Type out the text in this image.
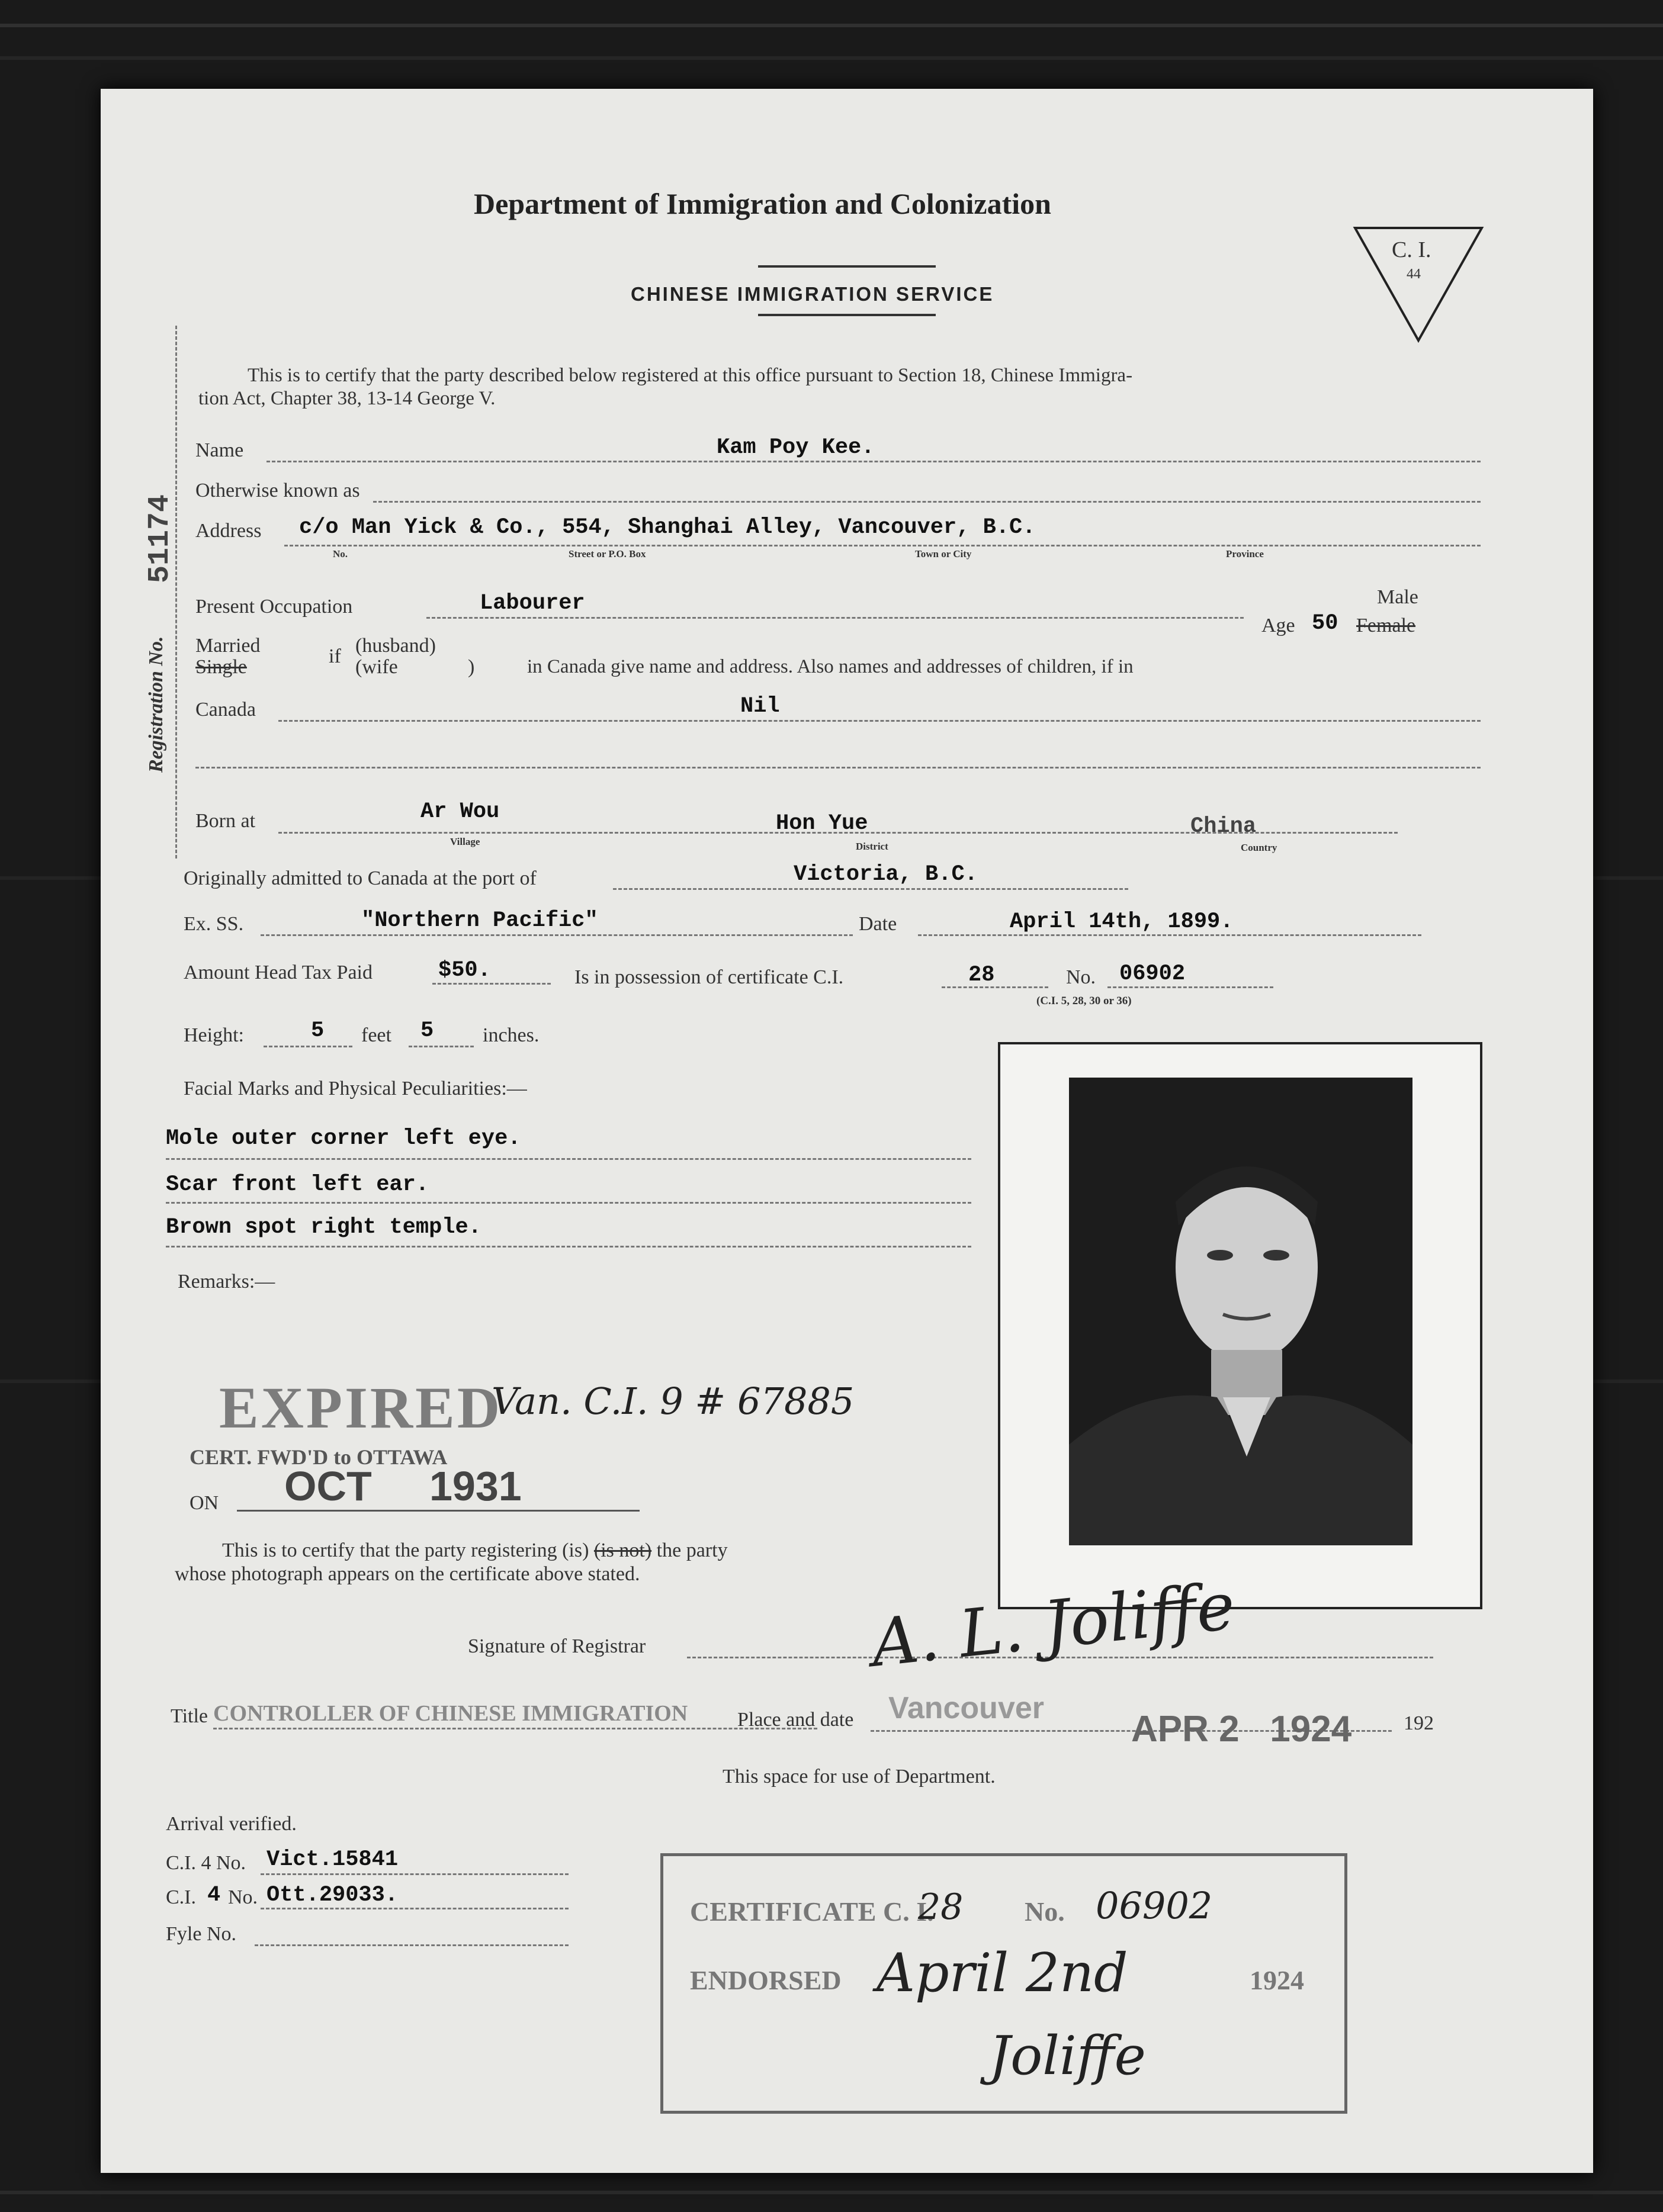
Department of Immigration and Colonization
CHINESE IMMIGRATION SERVICE
C. I.
44
Registration No.
51174
This is to certify that the party described below registered at this office pursuant to Section 18, Chinese Immigra-
tion Act, Chapter 38, 13-14 George V.
Name	Kam Poy Kee.
Otherwise known as
Address c/o Man Yick & Co., 554, Shanghai Alley, Vancouver, B.C.
No.	Street or P.O. Box	Town or City	Province
Present Occupation	Labourer	Male
Age 50 Female
Married
Single	if (husband)
(wife	)	in Canada give name and address. Also names and addresses of children, if in
Canada	Nil
Born at	Ar Wou
Village
Hon Yue
District
China
Country
Originally admitted to Canada at the port of	Victoria, B.C.
Ex. SS.	"Northern Pacific"	Date	April 14th, 1899.
Amount Head Tax Paid	$50.	Is in possession of certificate C.I.	28	No. 06902
(C.I. 5, 28, 30 or 36)
Height:	5 feet 5 inches.
Facial Marks and Physical Peculiarities:—
Mole outer corner left eye.
Scar front left ear.
Brown spot right temple.
Remarks:—
EXPIRED
Van. C.I. 9 # 67885
CERT. FWD'D to OTTAWA
ON OCT     1931
This is to certify that the party registering (is) (is not) the party
whose photograph appears on the certificate above stated.
Signature of Registrar	A. L. Joliffe
Title CONTROLLER OF CHINESE IMMIGRATION Place and date Vancouver
APR 2   1924	192
This space for use of Department.
Arrival verified.
C.I. 4 No. Vict.15841
C.I. 4 No. Ott.29033.
Fyle No.
CERTIFICATE C. I.
28 No. 06902
ENDORSED April 2nd	1924
Joliffe
